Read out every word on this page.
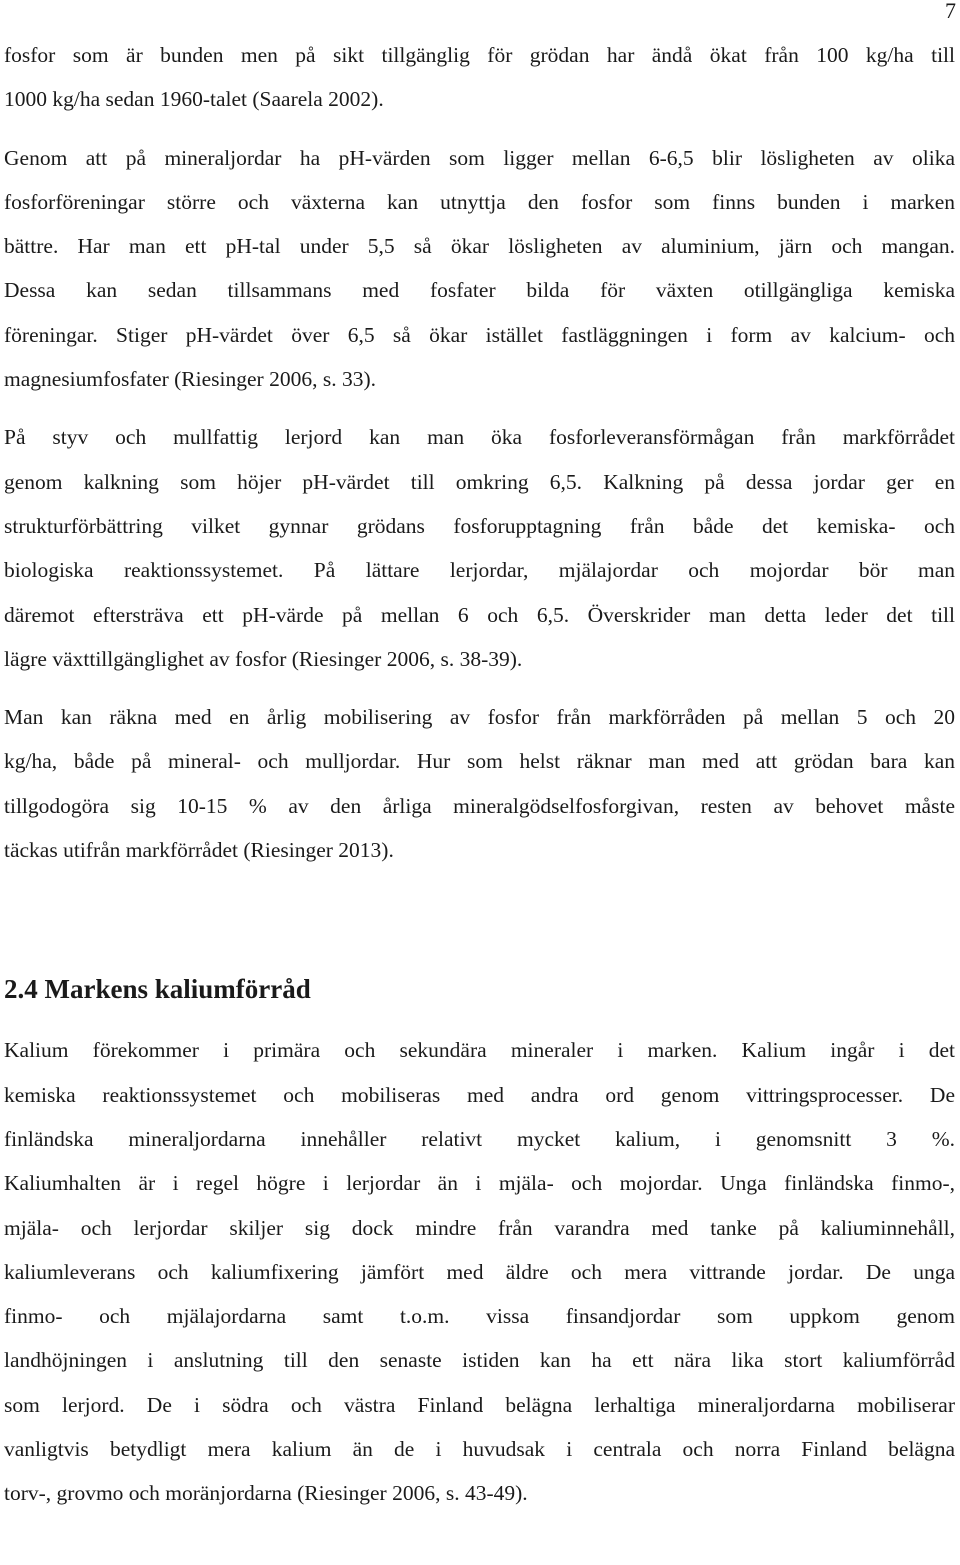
7
fosfor som är bunden men på sikt tillgänglig för grödan har ändå ökat från 100 kg/ha till
1000 kg/ha sedan 1960-talet (Saarela 2002).
Genom att på mineraljordar ha pH-värden som ligger mellan 6-6,5 blir lösligheten av olika
fosforföreningar större och växterna kan utnyttja den fosfor som finns bunden i marken
bättre. Har man ett pH-tal under 5,5 så ökar lösligheten av aluminium, järn och mangan.
Dessa kan sedan tillsammans med fosfater bilda för växten otillgängliga kemiska
föreningar. Stiger pH-värdet över 6,5 så ökar istället fastläggningen i form av kalcium- och
magnesiumfosfater (Riesinger 2006, s. 33).
På styv och mullfattig lerjord kan man öka fosforleveransförmågan från markförrådet
genom kalkning som höjer pH-värdet till omkring 6,5. Kalkning på dessa jordar ger en
strukturförbättring vilket gynnar grödans fosforupptagning från både det kemiska- och
biologiska reaktionssystemet. På lättare lerjordar, mjälajordar och mojordar bör man
däremot eftersträva ett pH-värde på mellan 6 och 6,5. Överskrider man detta leder det till
lägre växttillgänglighet av fosfor (Riesinger 2006, s. 38-39).
Man kan räkna med en årlig mobilisering av fosfor från markförråden på mellan 5 och 20
kg/ha, både på mineral- och mulljordar. Hur som helst räknar man med att grödan bara kan
tillgodogöra sig 10-15 % av den årliga mineralgödselfosforgivan, resten av behovet måste
täckas utifrån markförrådet (Riesinger 2013).
2.4 Markens kaliumförråd
Kalium förekommer i primära och sekundära mineraler i marken. Kalium ingår i det
kemiska reaktionssystemet och mobiliseras med andra ord genom vittringsprocesser. De
finländska mineraljordarna innehåller relativt mycket kalium, i genomsnitt 3 %.
Kaliumhalten är i regel högre i lerjordar än i mjäla- och mojordar. Unga finländska finmo-,
mjäla- och lerjordar skiljer sig dock mindre från varandra med tanke på kaliuminnehåll,
kaliumleverans och kaliumfixering jämfört med äldre och mera vittrande jordar. De unga
finmo- och mjälajordarna samt t.o.m. vissa finsandjordar som uppkom genom
landhöjningen i anslutning till den senaste istiden kan ha ett nära lika stort kaliumförråd
som lerjord. De i södra och västra Finland belägna lerhaltiga mineraljordarna mobiliserar
vanligtvis betydligt mera kalium än de i huvudsak i centrala och norra Finland belägna
torv-, grovmo och moränjordarna (Riesinger 2006, s. 43-49).
